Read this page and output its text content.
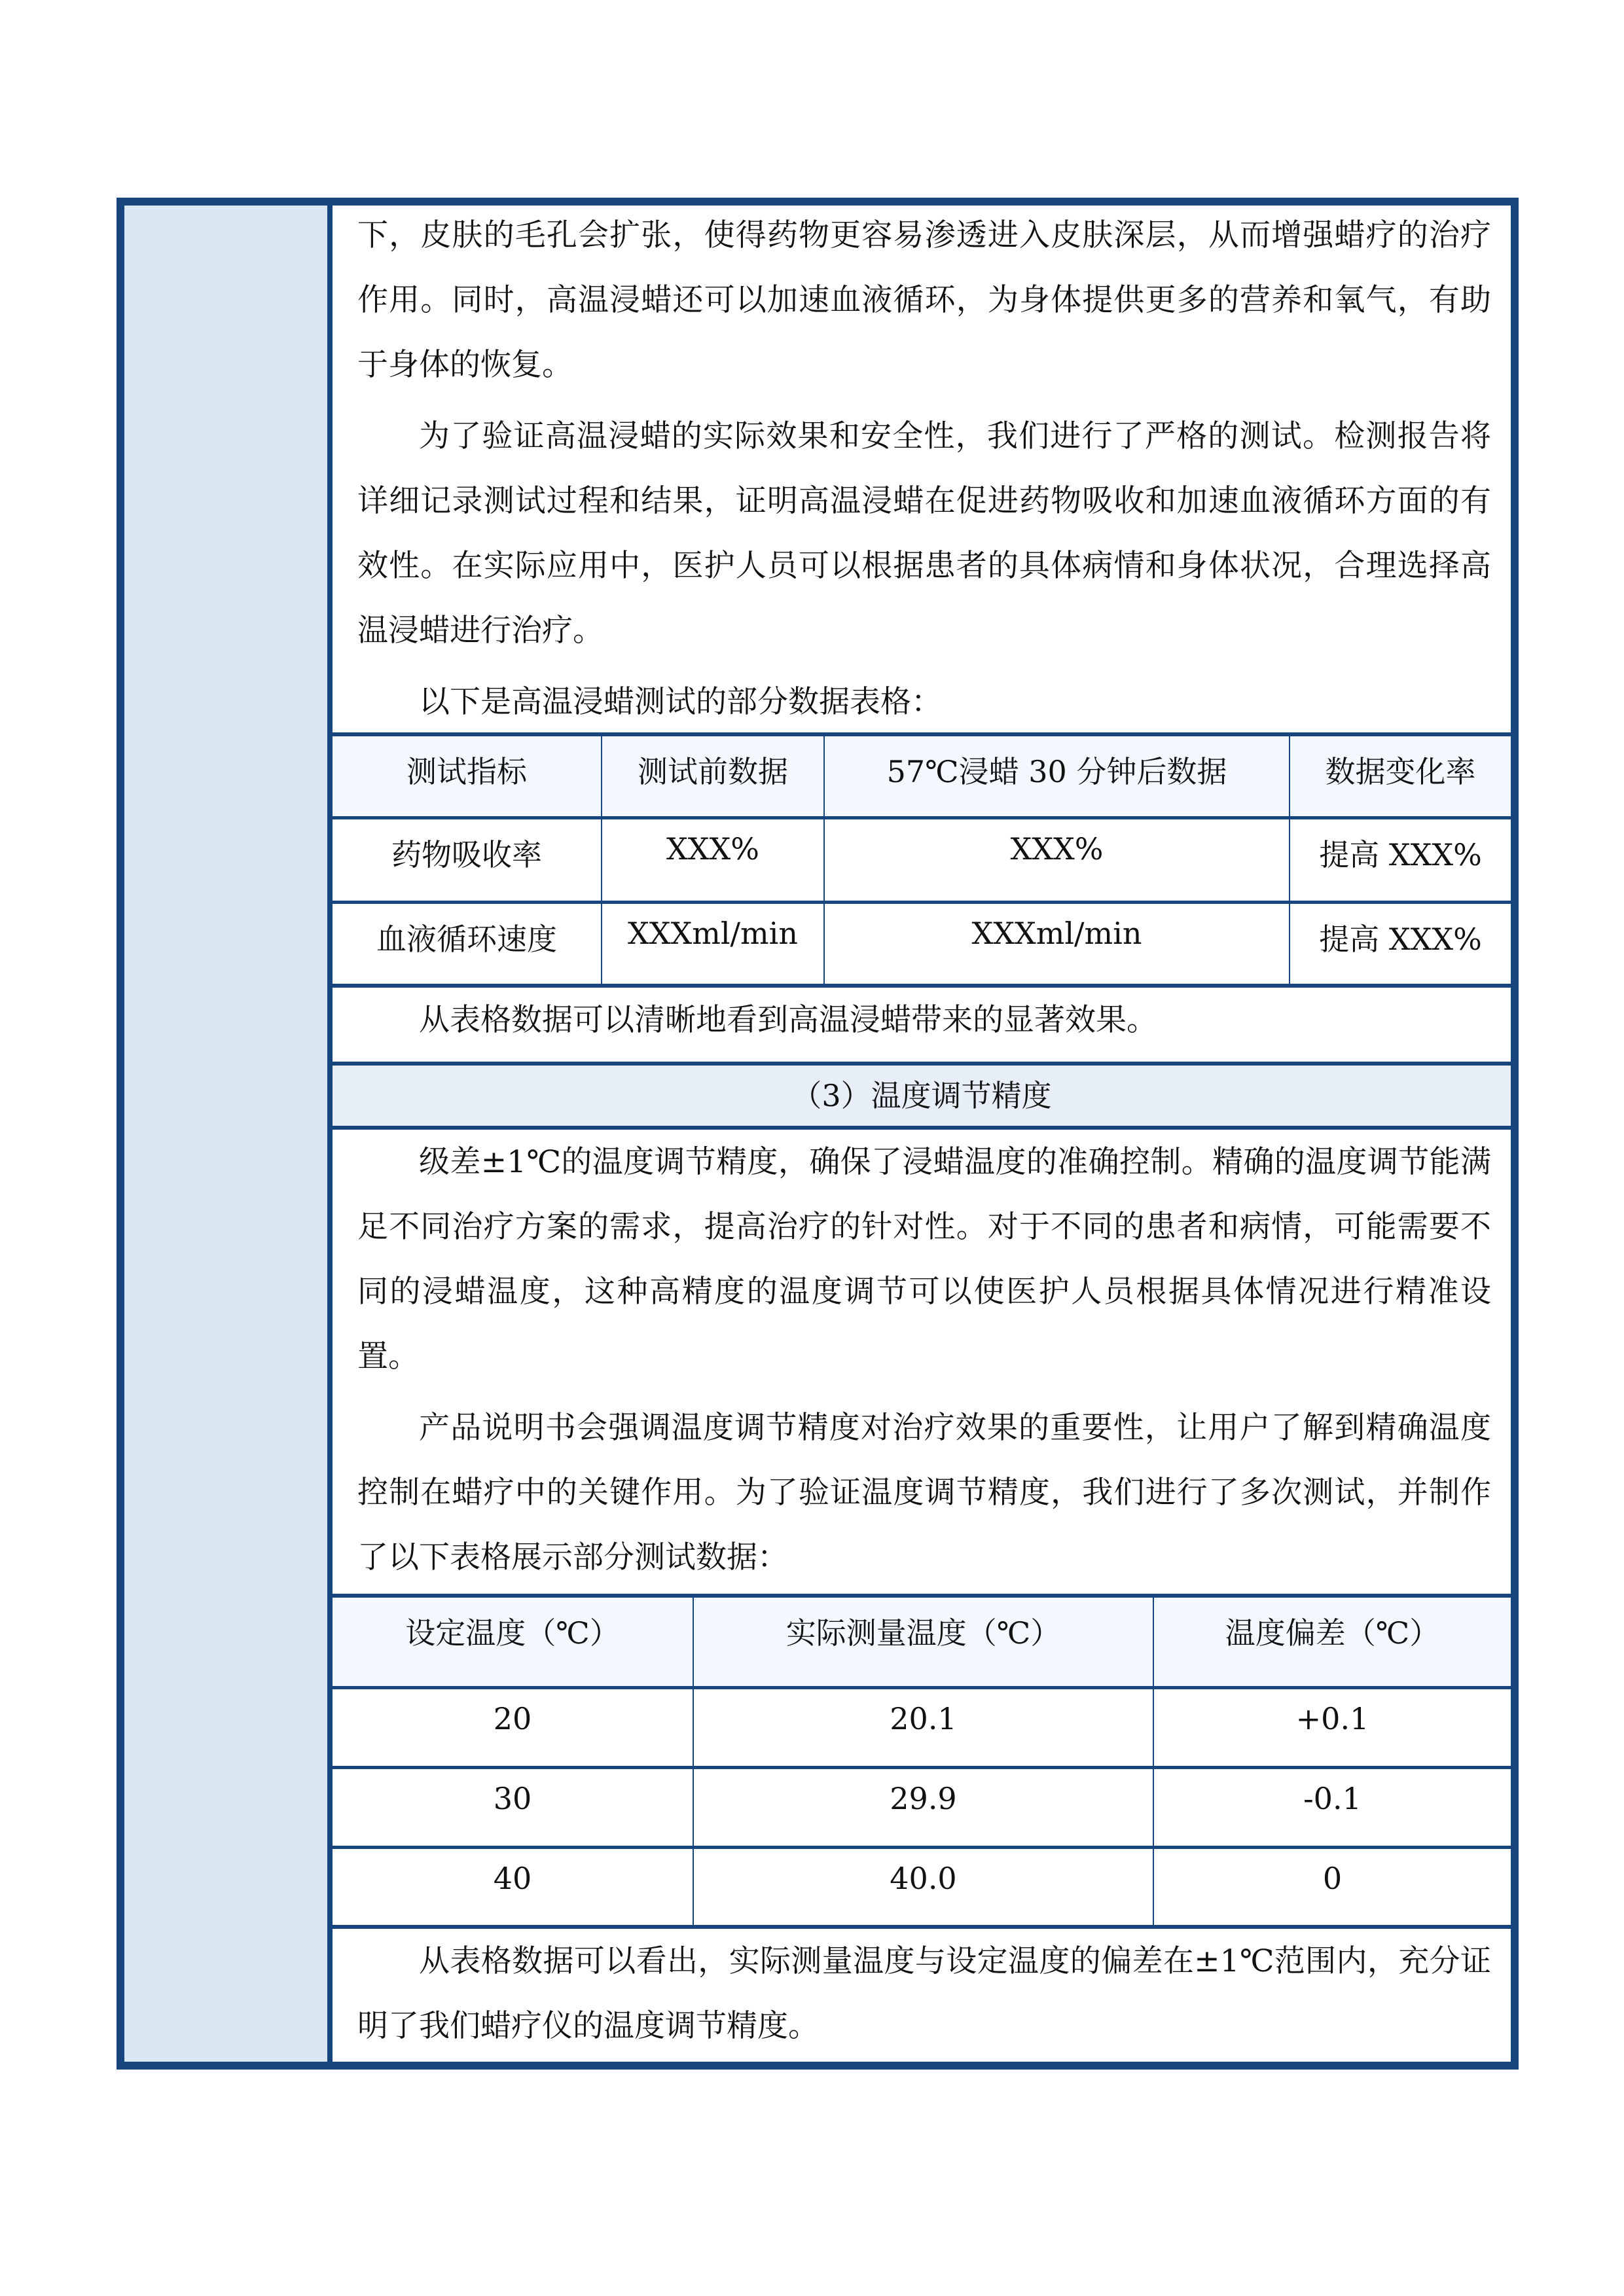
下，皮肤的毛孔会扩张，使得药物更容易渗透进入皮肤深层，从而增强蜡疗的治疗作用。同时，高温浸蜡还可以加速血液循环，为身体提供更多的营养和氧气，有助于身体的恢复。

为了验证高温浸蜡的实际效果和安全性，我们进行了严格的测试。检测报告将详细记录测试过程和结果，证明高温浸蜡在促进药物吸收和加速血液循环方面的有效性。在实际应用中，医护人员可以根据患者的具体病情和身体状况，合理选择高温浸蜡进行治疗。

以下是高温浸蜡测试的部分数据表格：

测试指标	测试前数据	57℃浸蜡 30 分钟后数据	数据变化率
药物吸收率	XXX%	XXX%	提高 XXX%
血液循环速度	XXXml/min	XXXml/min	提高 XXX%

从表格数据可以清晰地看到高温浸蜡带来的显著效果。

（3）温度调节精度

级差±1℃的温度调节精度，确保了浸蜡温度的准确控制。精确的温度调节能满足不同治疗方案的需求，提高治疗的针对性。对于不同的患者和病情，可能需要不同的浸蜡温度，这种高精度的温度调节可以使医护人员根据具体情况进行精准设置。

产品说明书会强调温度调节精度对治疗效果的重要性，让用户了解到精确温度控制在蜡疗中的关键作用。为了验证温度调节精度，我们进行了多次测试，并制作了以下表格展示部分测试数据：

设定温度（℃）	实际测量温度（℃）	温度偏差（℃）
20	20.1	+0.1
30	29.9	-0.1
40	40.0	0

从表格数据可以看出，实际测量温度与设定温度的偏差在±1℃范围内，充分证明了我们蜡疗仪的温度调节精度。
